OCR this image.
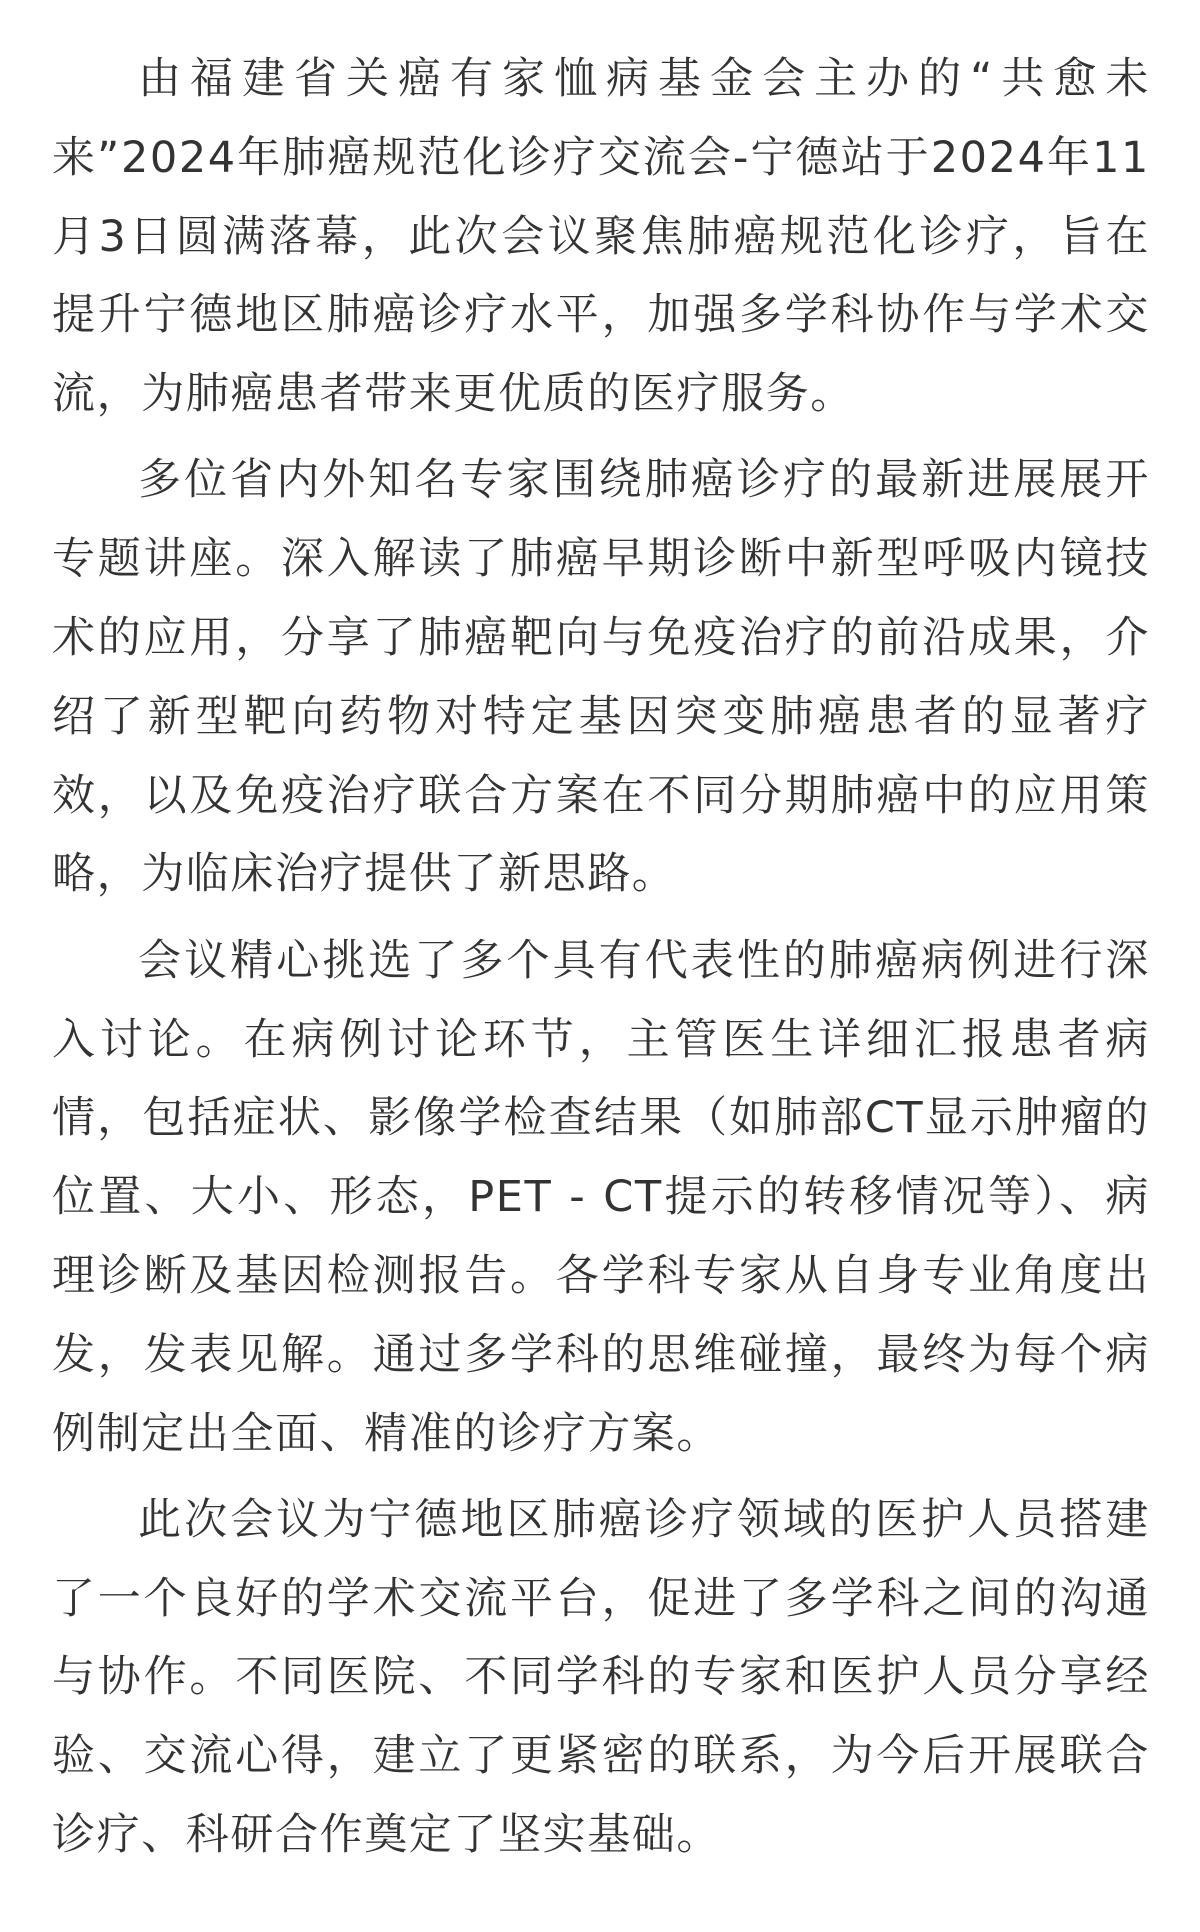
由福建省关癌有家恤病基金会主办的“共愈未来”2024年肺癌规范化诊疗交流会-宁德站于2024年11月3日圆满落幕，此次会议聚焦肺癌规范化诊疗，旨在提升宁德地区肺癌诊疗水平，加强多学科协作与学术交流，为肺癌患者带来更优质的医疗服务。

多位省内外知名专家围绕肺癌诊疗的最新进展展开专题讲座。深入解读了肺癌早期诊断中新型呼吸内镜技术的应用，分享了肺癌靶向与免疫治疗的前沿成果，介绍了新型靶向药物对特定基因突变肺癌患者的显著疗效，以及免疫治疗联合方案在不同分期肺癌中的应用策略，为临床治疗提供了新思路。

会议精心挑选了多个具有代表性的肺癌病例进行深入讨论。在病例讨论环节，主管医生详细汇报患者病情，包括症状、影像学检查结果（如肺部CT显示肿瘤的位置、大小、形态，PET - CT提示的转移情况等）、病理诊断及基因检测报告。各学科专家从自身专业角度出发，发表见解。通过多学科的思维碰撞，最终为每个病例制定出全面、精准的诊疗方案。

此次会议为宁德地区肺癌诊疗领域的医护人员搭建了一个良好的学术交流平台，促进了多学科之间的沟通与协作。不同医院、不同学科的专家和医护人员分享经验、交流心得，建立了更紧密的联系，为今后开展联合诊疗、科研合作奠定了坚实基础。
